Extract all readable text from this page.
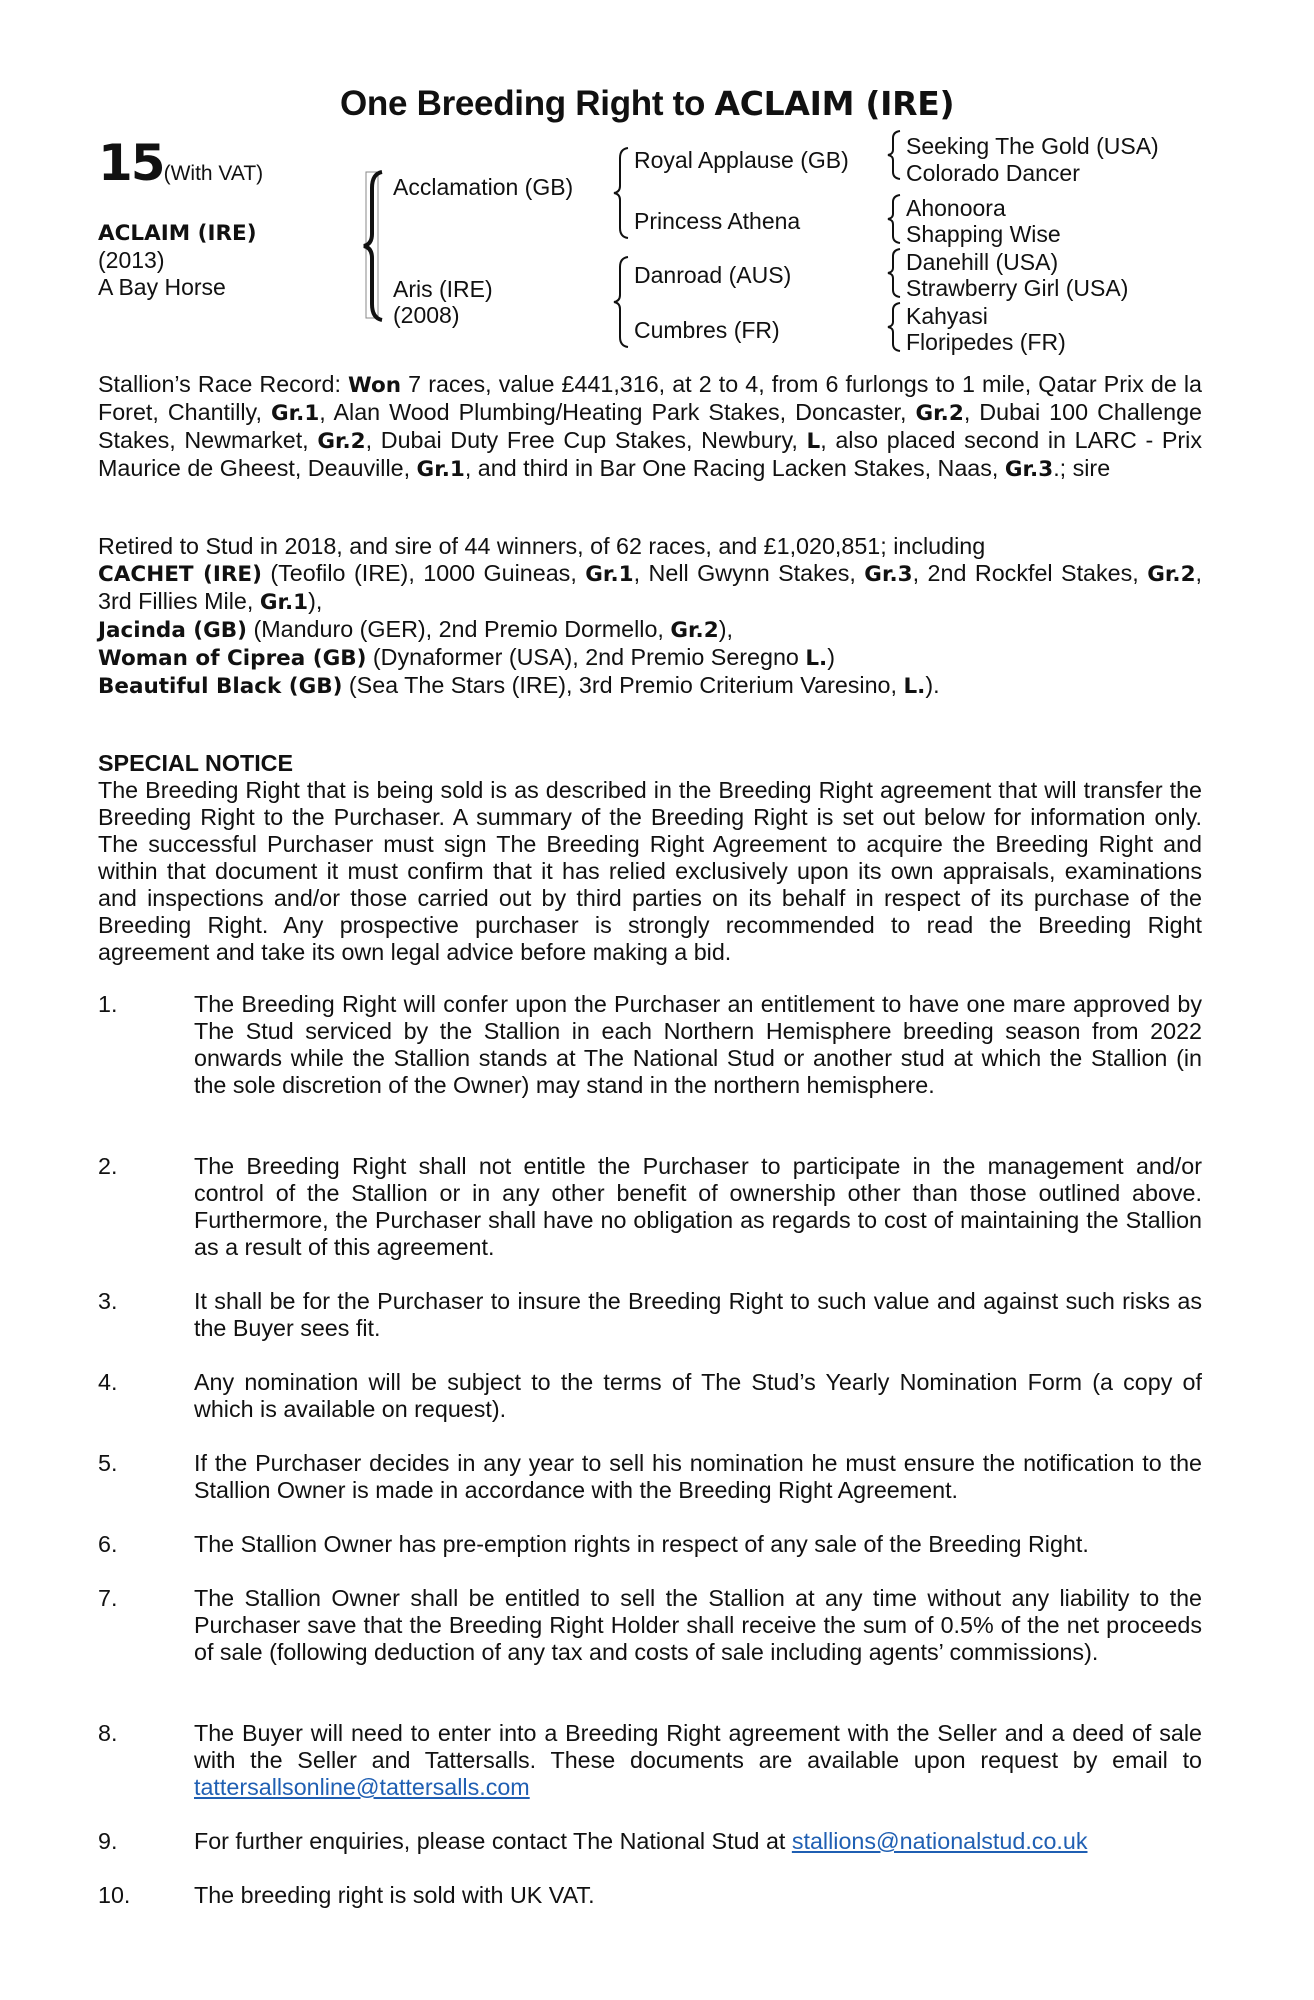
One Breeding Right to ACLAIM (IRE)
15(With VAT)
ACLAIM (IRE)
(2013)
A Bay Horse
Acclamation (GB)
Aris (IRE)
(2008)
Royal Applause (GB)
Princess Athena
Danroad (AUS)
Cumbres (FR)
Seeking The Gold (USA)
Colorado Dancer
Ahonoora
Shapping Wise
Danehill (USA)
Strawberry Girl (USA)
Kahyasi
Floripedes (FR)
Stallion’s Race Record: Won 7 races, value £441,316, at 2 to 4, from 6 furlongs to 1 mile, Qatar Prix de la Foret, Chantilly, Gr.1, Alan Wood Plumbing/Heating Park Stakes, Doncaster, Gr.2, Dubai 100 Challenge Stakes, Newmarket, Gr.2, Dubai Duty Free Cup Stakes, Newbury, L, also placed second in LARC - Prix Maurice de Gheest, Deauville, Gr.1, and third in Bar One Racing Lacken Stakes, Naas, Gr.3.; sire
Retired to Stud in 2018, and sire of 44 winners, of 62 races, and £1,020,851; including
CACHET (IRE) (Teofilo (IRE), 1000 Guineas, Gr.1, Nell Gwynn Stakes, Gr.3, 2nd Rockfel Stakes, Gr.2, 3rd Fillies Mile, Gr.1),
Jacinda (GB) (Manduro (GER), 2nd Premio Dormello, Gr.2),
Woman of Ciprea (GB) (Dynaformer (USA), 2nd Premio Seregno L.)
Beautiful Black (GB) (Sea The Stars (IRE), 3rd Premio Criterium Varesino, L.).
SPECIAL NOTICE
The Breeding Right that is being sold is as described in the Breeding Right agreement that will transfer the Breeding Right to the Purchaser. A summary of the Breeding Right is set out below for information only. The successful Purchaser must sign The Breeding Right Agreement to acquire the Breeding Right and within that document it must confirm that it has relied exclusively upon its own appraisals, examinations and inspections and/or those carried out by third parties on its behalf in respect of its purchase of the Breeding Right. Any prospective purchaser is strongly recommended to read the Breeding Right agreement and take its own legal advice before making a bid.
1.	The Breeding Right will confer upon the Purchaser an entitlement to have one mare approved by The Stud serviced by the Stallion in each Northern Hemisphere breeding season from 2022 onwards while the Stallion stands at The National Stud or another stud at which the Stallion (in the sole discretion of the Owner) may stand in the northern hemisphere.
2.	The Breeding Right shall not entitle the Purchaser to participate in the management and/or control of the Stallion or in any other benefit of ownership other than those outlined above. Furthermore, the Purchaser shall have no obligation as regards to cost of maintaining the Stallion as a result of this agreement.
3.	It shall be for the Purchaser to insure the Breeding Right to such value and against such risks as the Buyer sees fit.
4.	Any nomination will be subject to the terms of The Stud’s Yearly Nomination Form (a copy of which is available on request).
5.	If the Purchaser decides in any year to sell his nomination he must ensure the notification to the Stallion Owner is made in accordance with the Breeding Right Agreement.
6.	The Stallion Owner has pre-emption rights in respect of any sale of the Breeding Right.
7.	The Stallion Owner shall be entitled to sell the Stallion at any time without any liability to the Purchaser save that the Breeding Right Holder shall receive the sum of 0.5% of the net proceeds of sale (following deduction of any tax and costs of sale including agents’ commissions).
8.	The Buyer will need to enter into a Breeding Right agreement with the Seller and a deed of sale with the Seller and Tattersalls. These documents are available upon request by email to tattersallsonline@tattersalls.com
9.	For further enquiries, please contact The National Stud at stallions@nationalstud.co.uk
10.	The breeding right is sold with UK VAT.
